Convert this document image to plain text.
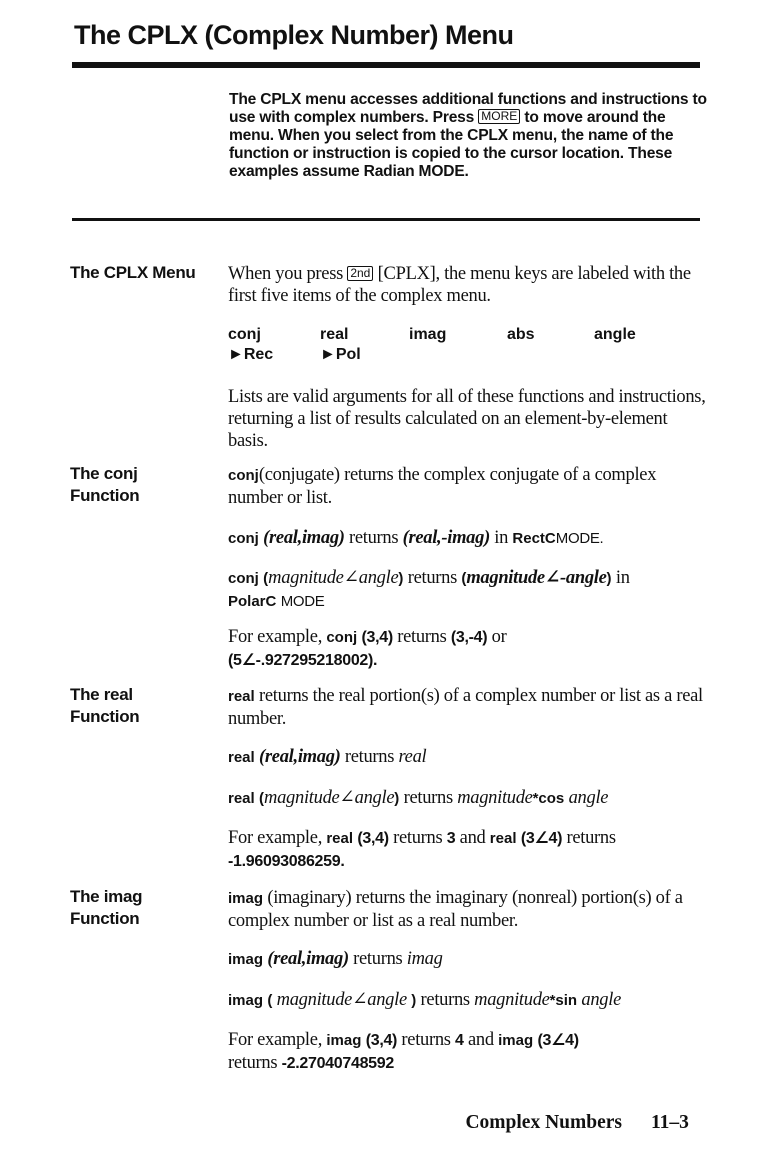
The CPLX (Complex Number) Menu
The CPLX menu accesses additional functions and instructions to use with complex numbers. Press MORE to move around the menu. When you select from the CPLX menu, the name of the function or instruction is copied to the cursor location. These examples assume Radian MODE.
The CPLX Menu	When you press 2nd [CPLX], the menu keys are labeled with the first five items of the complex menu.
conj	real	imag	abs	angle
►Rec	►Pol
Lists are valid arguments for all of these functions and instructions, returning a list of results calculated on an element-by-element basis.
The conj
Function
conj(conjugate) returns the complex conjugate of a complex number or list.
conj (real,imag) returns (real,-imag) in RectCMODE.
conj (magnitude∠angle) returns (magnitude∠-angle) in
PolarC MODE
For example, conj (3,4) returns (3,-4) or
(5∠-.927295218002).
The real
Function
real returns the real portion(s) of a complex number or list as a real number.
real (real,imag) returns real
real (magnitude∠angle) returns magnitude*cos angle
For example, real (3,4) returns 3 and real (3∠4) returns
-1.96093086259.
The imag
Function
imag (imaginary) returns the imaginary (nonreal) portion(s) of a complex number or list as a real number.
imag (real,imag) returns imag
imag ( magnitude∠angle ) returns magnitude*sin angle
For example, imag (3,4) returns 4 and imag (3∠4)
returns -2.27040748592
Complex Numbers 11–3
